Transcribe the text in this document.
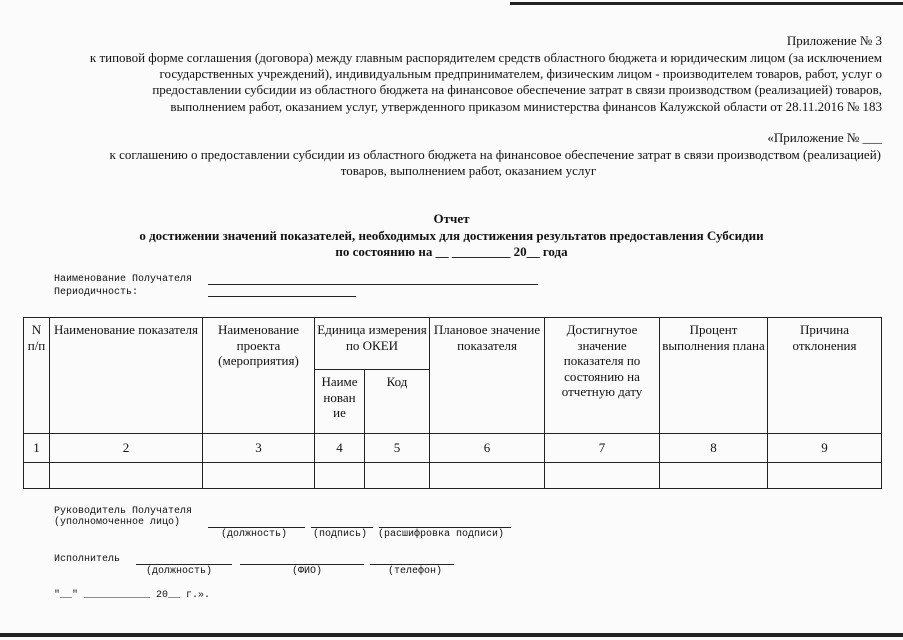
Приложение № 3
к типовой форме соглашения (договора) между главным распорядителем средств областного бюджета и юридическим лицом (за исключением
государственных учреждений), индивидуальным предпринимателем, физическим лицом - производителем товаров, работ, услуг о
предоставлении субсидии из областного бюджета на финансовое обеспечение затрат в связи производством (реализацией) товаров,
выполнением работ, оказанием услуг, утвержденного приказом министерства финансов Калужской области от 28.11.2016 № 183
«Приложение № ___
к соглашению о предоставлении субсидии из областного бюджета на финансовое обеспечение затрат в связи производством (реализацией)
товаров, выполнением работ, оказанием услуг
Отчет
о достижении значений показателей, необходимых для достижения результатов предоставления Субсидии
по состоянию на __ _________ 20__ года
Наименование Получателя
Периодичность:
N п/п	Наименование показателя	Наименование проекта (мероприятия)	Единица измерения по ОКЕИ		Плановое значение показателя	Достигнутое значение показателя по состоянию на отчетную дату	Процент выполнения плана	Причина отклонения
			Наиме нован ие	Код				
1	2	3	4	5	6	7	8	9

Руководитель Получателя
(уполномоченное лицо)
(должность)	(подпись) (расшифровка подписи)
Исполнитель
(должность)	(ФИО)	(телефон)
"__" ___________ 20__ г.».
